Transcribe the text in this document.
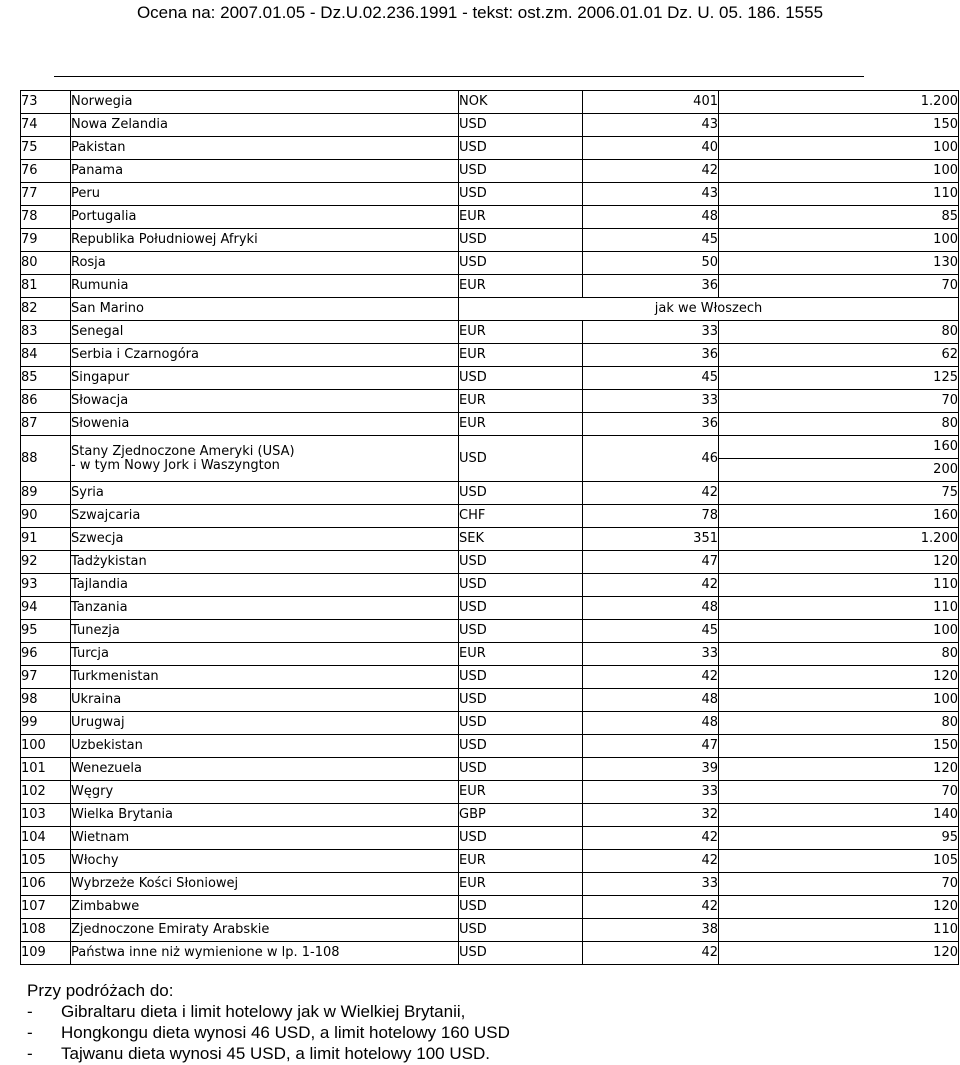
Ocena na: 2007.01.05 - Dz.U.02.236.1991 - tekst: ost.zm. 2006.01.01 Dz. U. 05. 186. 1555
73	Norwegia	NOK	401	1.200
74	Nowa Zelandia	USD	43	150
75	Pakistan	USD	40	100
76	Panama	USD	42	100
77	Peru	USD	43	110
78	Portugalia	EUR	48	85
79	Republika Południowej Afryki	USD	45	100
80	Rosja	USD	50	130
81	Rumunia	EUR	36	70
82	San Marino	jak we Włoszech		
83	Senegal	EUR	33	80
84	Serbia i Czarnogóra	EUR	36	62
85	Singapur	USD	45	125
86	Słowacja	EUR	33	70
87	Słowenia	EUR	36	80
88	Stany Zjednoczone Ameryki (USA)
- w tym Nowy Jork i Waszyngton	USD	46	160
				200
89	Syria	USD	42	75
90	Szwajcaria	CHF	78	160
91	Szwecja	SEK	351	1.200
92	Tadżykistan	USD	47	120
93	Tajlandia	USD	42	110
94	Tanzania	USD	48	110
95	Tunezja	USD	45	100
96	Turcja	EUR	33	80
97	Turkmenistan	USD	42	120
98	Ukraina	USD	48	100
99	Urugwaj	USD	48	80
100	Uzbekistan	USD	47	150
101	Wenezuela	USD	39	120
102	Węgry	EUR	33	70
103	Wielka Brytania	GBP	32	140
104	Wietnam	USD	42	95
105	Włochy	EUR	42	105
106	Wybrzeże Kości Słoniowej	EUR	33	70
107	Zimbabwe	USD	42	120
108	Zjednoczone Emiraty Arabskie	USD	38	110
109	Państwa inne niż wymienione w lp. 1-108	USD	42	120
Przy podróżach do:
- Gibraltaru dieta i limit hotelowy jak w Wielkiej Brytanii,
- Hongkongu dieta wynosi 46 USD, a limit hotelowy 160 USD
- Tajwanu dieta wynosi 45 USD, a limit hotelowy 100 USD.
